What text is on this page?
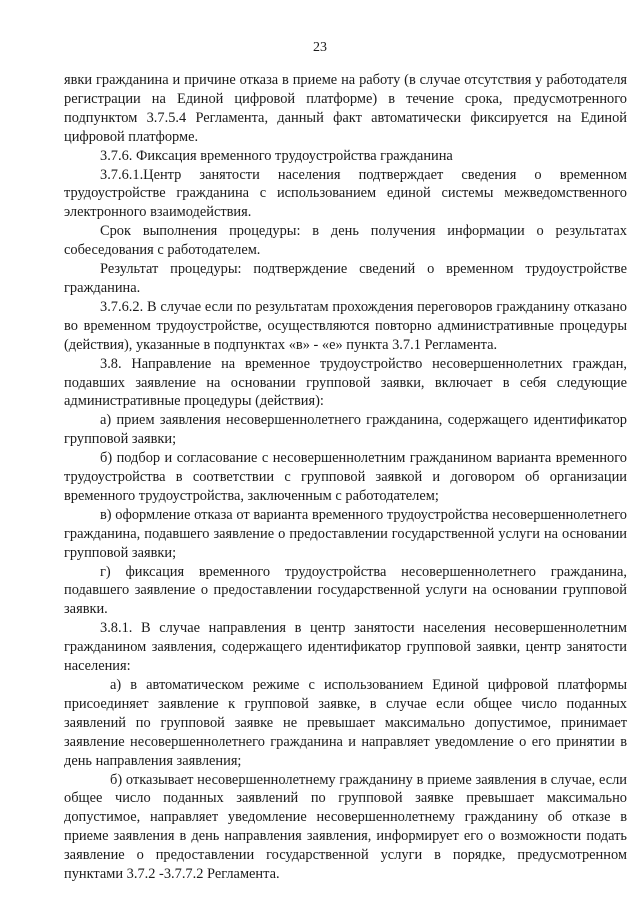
23

явки гражданина и причине отказа в приеме на работу (в случае отсутствия у работодателя регистрации на Единой цифровой платформе) в течение срока, предусмотренного подпунктом 3.7.5.4 Регламента, данный факт автоматически фиксируется на Единой цифровой платформе.

3.7.6. Фиксация временного трудоустройства гражданина

3.7.6.1.Центр занятости населения подтверждает сведения о временном трудоустройстве гражданина с использованием единой системы межведомственного электронного взаимодействия.

Срок выполнения процедуры: в день получения информации о результатах собеседования с работодателем.

Результат процедуры: подтверждение сведений о временном трудоустройстве гражданина.

3.7.6.2. В случае если по результатам прохождения переговоров гражданину отказано во временном трудоустройстве, осуществляются повторно административные процедуры (действия), указанные в подпунктах «в» - «е» пункта 3.7.1 Регламента.

3.8. Направление на временное трудоустройство несовершеннолетних граждан, подавших заявление на основании групповой заявки, включает в себя следующие административные процедуры (действия):

а) прием заявления несовершеннолетнего гражданина, содержащего идентификатор групповой заявки;

б) подбор и согласование с несовершеннолетним гражданином варианта временного трудоустройства в соответствии с групповой заявкой и договором об организации временного трудоустройства, заключенным с работодателем;

в) оформление отказа от варианта временного трудоустройства несовершеннолетнего гражданина, подавшего заявление о предоставлении государственной услуги на основании групповой заявки;

г) фиксация временного трудоустройства несовершеннолетнего гражданина, подавшего заявление о предоставлении государственной услуги на основании групповой заявки.

3.8.1. В случае направления в центр занятости населения несовершеннолетним гражданином заявления, содержащего идентификатор групповой заявки, центр занятости населения:

а) в автоматическом режиме с использованием Единой цифровой платформы присоединяет заявление к групповой заявке, в случае если общее число поданных заявлений по групповой заявке не превышает максимально допустимое, принимает заявление несовершеннолетнего гражданина и направляет уведомление о его принятии в день направления заявления;

б) отказывает несовершеннолетнему гражданину в приеме заявления в случае, если общее число поданных заявлений по групповой заявке превышает максимально допустимое, направляет уведомление несовершеннолетнему гражданину об отказе в приеме заявления в день направления заявления, информирует его о возможности подать заявление о предоставлении государственной услуги в порядке, предусмотренном пунктами 3.7.2 -3.7.7.2 Регламента.
